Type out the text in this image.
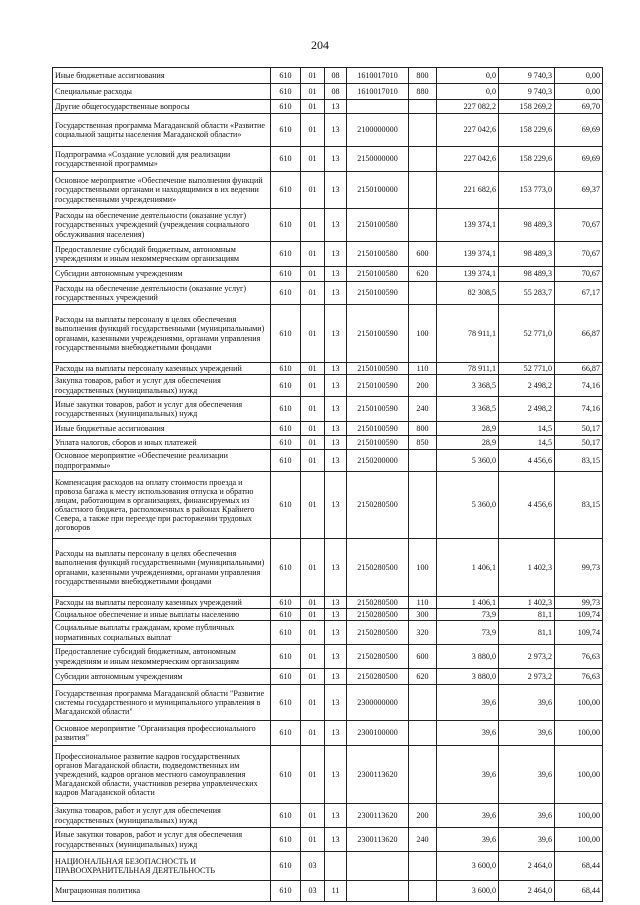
204
Иные бюджетные ассигнования	610	01	08	1610017010	800	0,0	9 740,3	0,00
Специальные расходы	610	01	08	1610017010	880	0,0	9 740,3	0,00
Другие общегосударственные вопросы	610	01	13			227 082,2	158 269,2	69,70
Государственная программа Магаданской области «Развитие социальной защиты населения Магаданской области»	610	01	13	2100000000		227 042,6	158 229,6	69,69
Подпрограмма «Создание условий для реализации государственной программы»	610	01	13	2150000000		227 042,6	158 229,6	69,69
Основное мероприятие «Обеспечение выполнения функций государственными органами и находящимися в их ведении государственными учреждениями»	610	01	13	2150100000		221 682,6	153 773,0	69,37
Расходы на обеспечение деятельности (оказание услуг) государственных учреждений (учреждения социального обслуживания населения)	610	01	13	2150100580		139 374,1	98 489,3	70,67
Предоставление субсидий бюджетным, автономным учреждениям и иным некоммерческим организациям	610	01	13	2150100580	600	139 374,1	98 489,3	70,67
Субсидии автономным учреждениям	610	01	13	2150100580	620	139 374,1	98 489,3	70,67
Расходы на обеспечение деятельности (оказание услуг) государственных учреждений	610	01	13	2150100590		82 308,5	55 283,7	67,17
Расходы на выплаты персоналу в целях обеспечения выполнения функций государственными (муниципальными) органами, казенными учреждениями, органами управления государственными внебюджетными фондами	610	01	13	2150100590	100	78 911,1	52 771,0	66,87
Расходы на выплаты персоналу казенных учреждений	610	01	13	2150100590	110	78 911,1	52 771,0	66,87
Закупка товаров, работ и услуг для обеспечения государственных (муниципальных) нужд	610	01	13	2150100590	200	3 368,5	2 498,2	74,16
Иные закупки товаров, работ и услуг для обеспечения государственных (муниципальных) нужд	610	01	13	2150100590	240	3 368,5	2 498,2	74,16
Иные бюджетные ассигнования	610	01	13	2150100590	800	28,9	14,5	50,17
Уплата налогов, сборов и иных платежей	610	01	13	2150100590	850	28,9	14,5	50,17
Основное мероприятие «Обеспечение реализации подпрограммы»	610	01	13	2150200000		5 360,0	4 456,6	83,15
Компенсация расходов на оплату стоимости проезда и провоза багажа к месту использования отпуска и обратно лицам, работающим в организациях, финансируемых из областного бюджета, расположенных в районах Крайнего Севера, а также при переезде при расторжении трудовых договоров	610	01	13	2150280500		5 360,0	4 456,6	83,15
Расходы на выплаты персоналу в целях обеспечения выполнения функций государственными (муниципальными) органами, казенными учреждениями, органами управления государственными внебюджетными фондами	610	01	13	2150280500	100	1 406,1	1 402,3	99,73
Расходы на выплаты персоналу казенных учреждений	610	01	13	2150280500	110	1 406,1	1 402,3	99,73
Социальное обеспечение и иные выплаты населению	610	01	13	2150280500	300	73,9	81,1	109,74
Социальные выплаты гражданам, кроме публичных нормативных социальных выплат	610	01	13	2150280500	320	73,9	81,1	109,74
Предоставление субсидий бюджетным, автономным учреждениям и иным некоммерческим организациям	610	01	13	2150280500	600	3 880,0	2 973,2	76,63
Субсидии автономным учреждениям	610	01	13	2150280500	620	3 880,0	2 973,2	76,63
Государственная программа Магаданской области "Развитие системы государственного и муниципального управления в Магаданской области"	610	01	13	2300000000		39,6	39,6	100,00
Основное мероприятие "Организация профессионального развития"	610	01	13	2300100000		39,6	39,6	100,00
Профессиональное развитие кадров государственных органов Магаданской области, подведомственных им учреждений, кадров органов местного самоуправления Магаданской области, участников резерва управленческих кадров Магаданской области	610	01	13	2300113620		39,6	39,6	100,00
Закупка товаров, работ и услуг для обеспечения государственных (муниципальных) нужд	610	01	13	2300113620	200	39,6	39,6	100,00
Иные закупки товаров, работ и услуг для обеспечения государственных (муниципальных) нужд	610	01	13	2300113620	240	39,6	39,6	100,00
НАЦИОНАЛЬНАЯ БЕЗОПАСНОСТЬ И ПРАВООХРАНИТЕЛЬНАЯ ДЕЯТЕЛЬНОСТЬ	610	03				3 600,0	2 464,0	68,44
Миграционная политика	610	03	11			3 600,0	2 464,0	68,44
